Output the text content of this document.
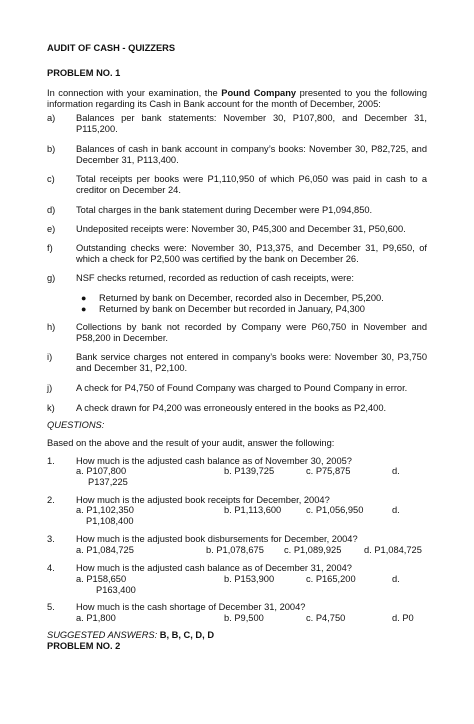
AUDIT OF CASH - QUIZZERS
PROBLEM NO. 1
In connection with your examination, the Pound Company presented to you the following
information regarding its Cash in Bank account for the month of December, 2005:
a) Balances per bank statements: November 30, P107,800, and December 31,
P115,200.
b) Balances of cash in bank account in company’s books: November 30, P82,725, and
December 31, P113,400.
c) Total receipts per books were P1,110,950 of which P6,050 was paid in cash to a
creditor on December 24.
d) Total charges in the bank statement during December were P1,094,850.
e) Undeposited receipts were: November 30, P45,300 and December 31, P50,600.
f)	Outstanding checks were: November 30, P13,375, and December 31, P9,650, of
which a check for P2,500 was certified by the bank on December 26.
g) NSF checks returned, recorded as reduction of cash receipts, were:
● Returned by bank on December, recorded also in December, P5,200.
● Returned by bank on December but recorded in January, P4,300
h) Collections by bank not recorded by Company were P60,750 in November and
P58,200 in December.
i)	Bank service charges not entered in company’s books were: November 30, P3,750
and December 31, P2,100.
j)	A check for P4,750 of Found Company was charged to Pound Company in error.
k) A check drawn for P4,200 was erroneously entered in the books as P2,400.
QUESTIONS:
Based on the above and the result of your audit, answer the following:
1. How much is the adjusted cash balance as of November 30, 2005?
a. P107,800	b. P139,725	c. P75,875	d.
P137,225
2. How much is the adjusted book receipts for December, 2004?
a. P1,102,350	b. P1,113,600	c. P1,056,950	d.
P1,108,400
3. How much is the adjusted book disbursements for December, 2004?
a. P1,084,725	b. P1,078,675 c. P1,089,925 d. P1,084,725
4. How much is the adjusted cash balance as of December 31, 2004?
a. P158,650	b. P153,900	c. P165,200	d.
P163,400
5. How much is the cash shortage of December 31, 2004?
a. P1,800	b. P9,500	c. P4,750	d. P0
SUGGESTED ANSWERS: B, B, C, D, D
PROBLEM NO. 2
